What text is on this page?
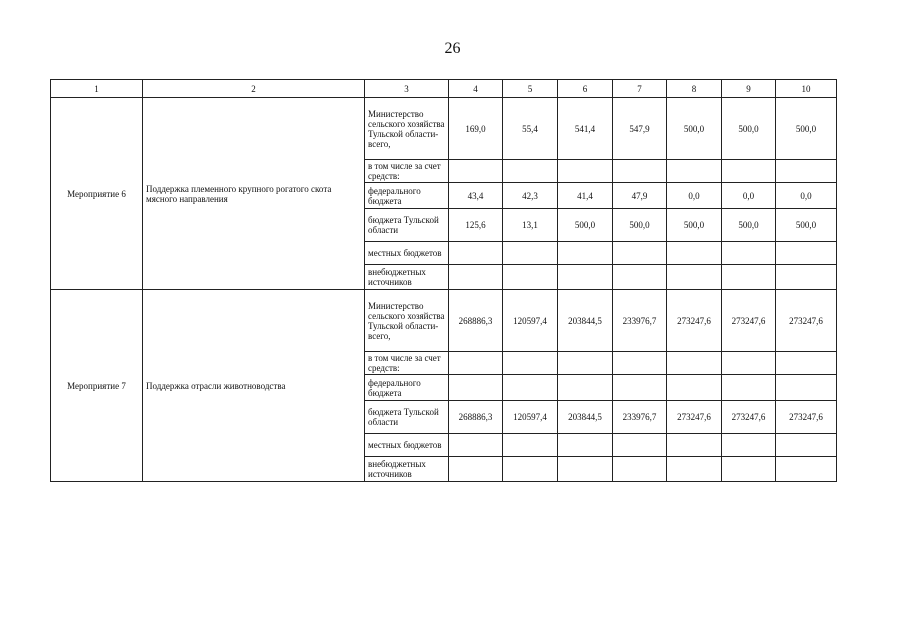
26
1	2	3	4	5	6	7	8	9	10
Мероприятие 6	Поддержка племенного крупного рогатого скота мясного направления	Министерство сельского хозяйства Тульской области- всего,	169,0	55,4	541,4	547,9	500,0	500,0	500,0
		в том числе за счет средств:							
		федерального бюджета	43,4	42,3	41,4	47,9	0,0	0,0	0,0
		бюджета Тульской области	125,6	13,1	500,0	500,0	500,0	500,0	500,0
		местных бюджетов							
		внебюджетных источников							
Мероприятие 7	Поддержка отрасли животноводства	Министерство сельского хозяйства Тульской области- всего,	268886,3	120597,4	203844,5	233976,7	273247,6	273247,6	273247,6
		в том числе за счет средств:							
		федерального бюджета							
		бюджета Тульской области	268886,3	120597,4	203844,5	233976,7	273247,6	273247,6	273247,6
		местных бюджетов							
		внебюджетных источников							
